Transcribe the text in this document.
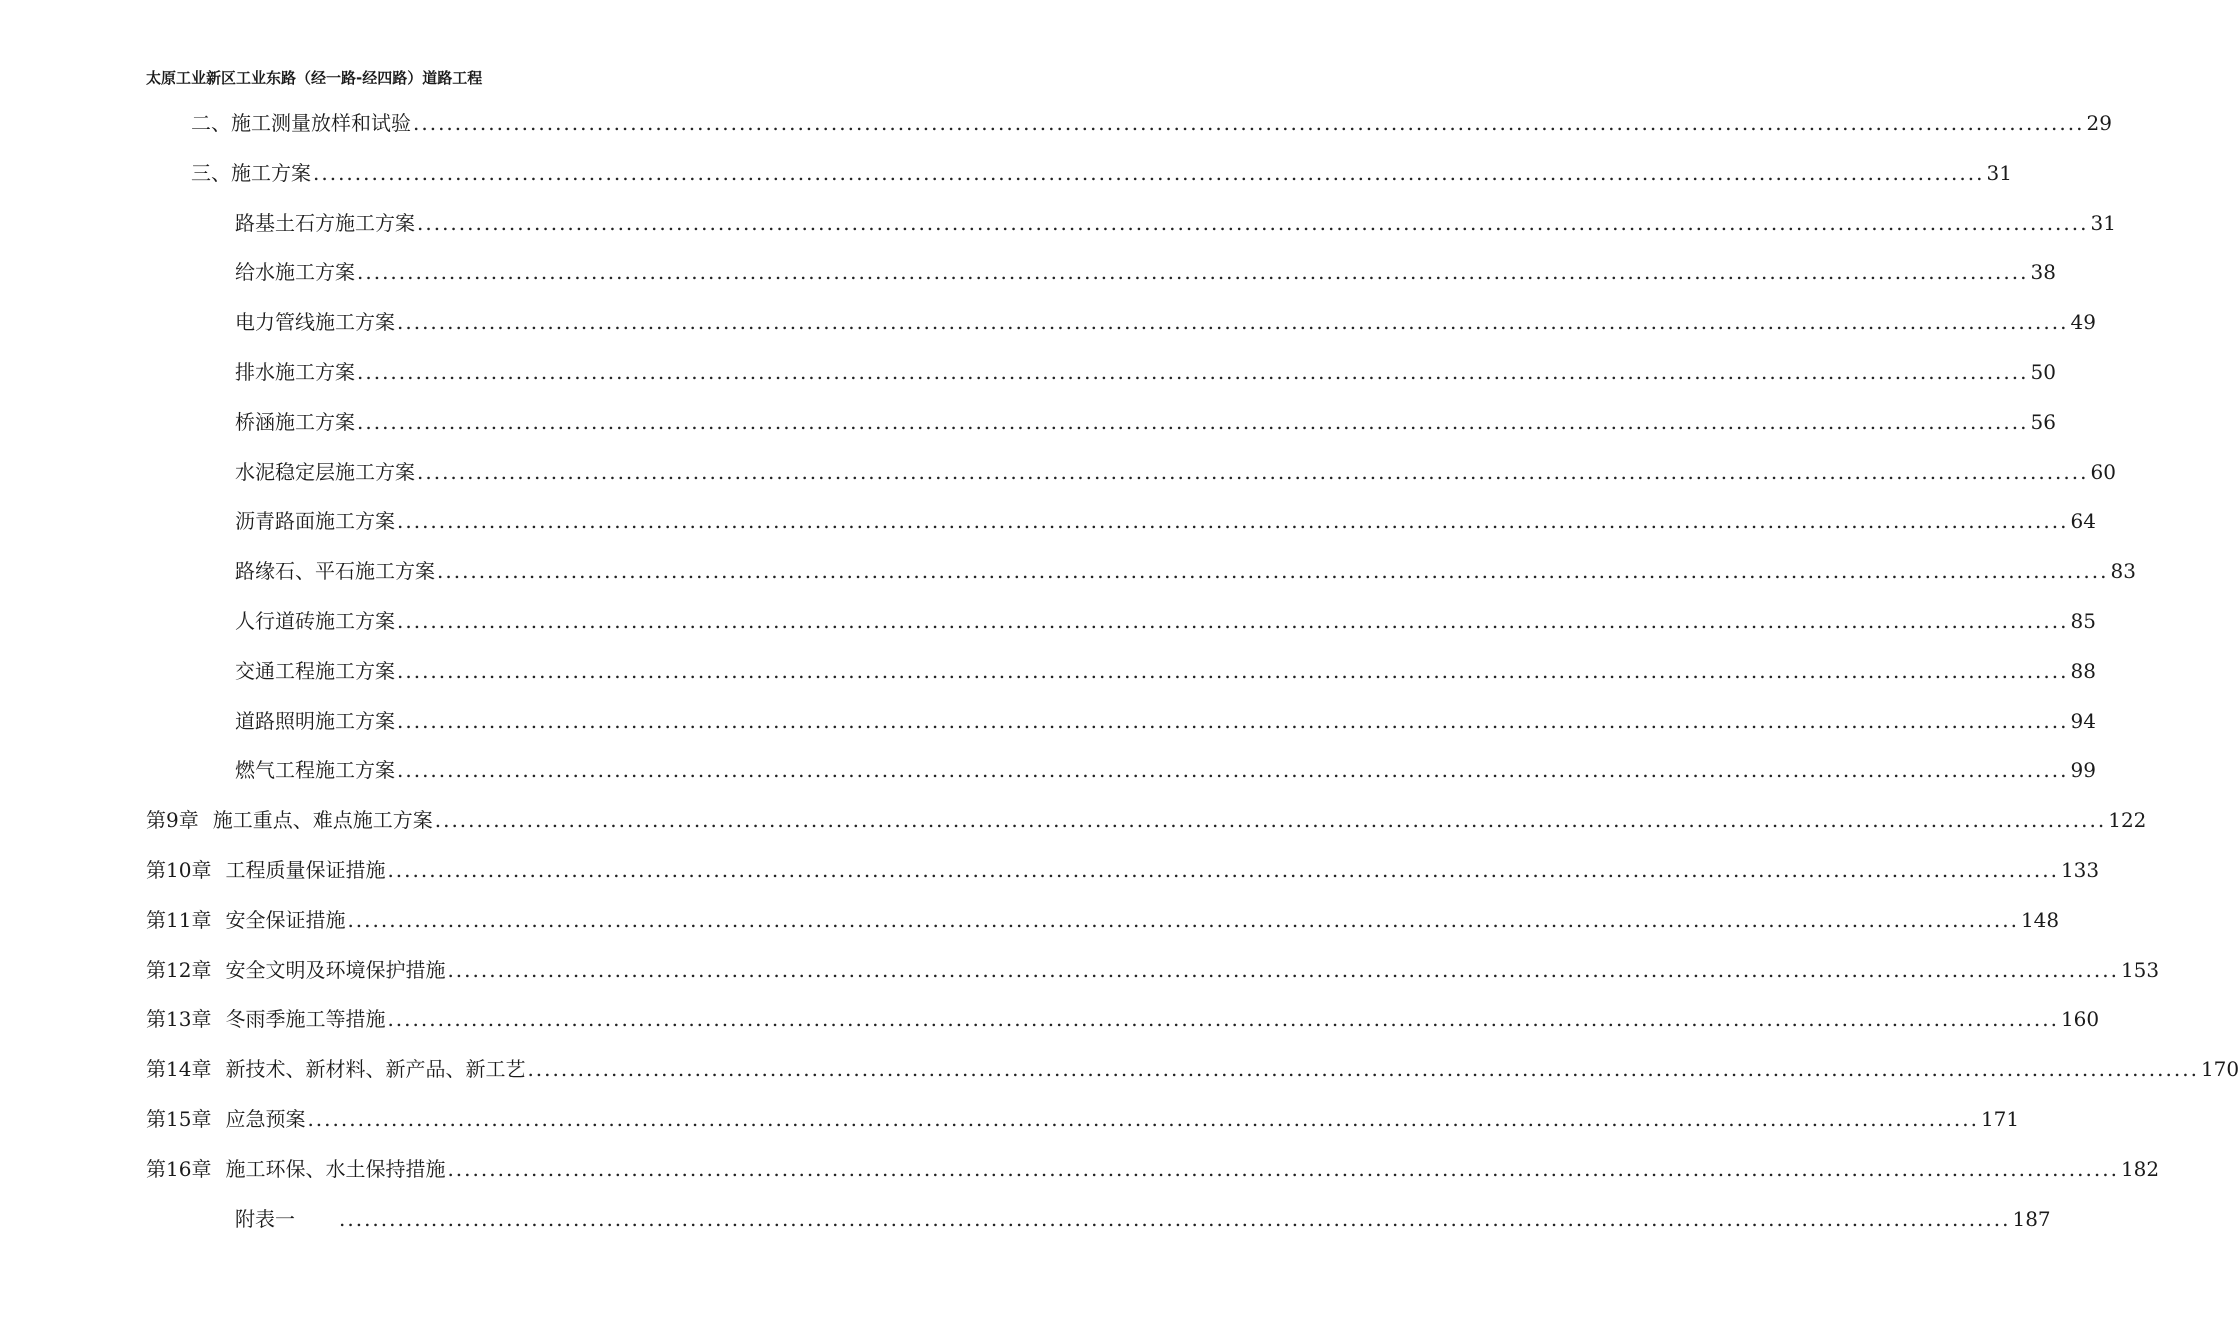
太原工业新区工业东路（经一路-经四路）道路工程
二、施工测量放样和试验 ........................................................................................................................................................................................................ 29
三、施工方案 ........................................................................................................................................................................................................ 31
路基土石方施工方案 ........................................................................................................................................................................................................ 31
给水施工方案 ........................................................................................................................................................................................................ 38
电力管线施工方案 ........................................................................................................................................................................................................ 49
排水施工方案 ........................................................................................................................................................................................................ 50
桥涵施工方案 ........................................................................................................................................................................................................ 56
水泥稳定层施工方案 ........................................................................................................................................................................................................ 60
沥青路面施工方案 ........................................................................................................................................................................................................ 64
路缘石、平石施工方案 ........................................................................................................................................................................................................ 83
人行道砖施工方案 ........................................................................................................................................................................................................ 85
交通工程施工方案 ........................................................................................................................................................................................................ 88
道路照明施工方案 ........................................................................................................................................................................................................ 94
燃气工程施工方案 ........................................................................................................................................................................................................ 99
第9章 施工重点、难点施工方案 ........................................................................................................................................................................................................ 122
第10章 工程质量保证措施 ........................................................................................................................................................................................................ 133
第11章 安全保证措施 ........................................................................................................................................................................................................ 148
第12章 安全文明及环境保护措施 ........................................................................................................................................................................................................ 153
第13章 冬雨季施工等措施 ........................................................................................................................................................................................................ 160
第14章 新技术、新材料、新产品、新工艺 ........................................................................................................................................................................................................ 170
第15章 应急预案 ........................................................................................................................................................................................................ 171
第16章 施工环保、水土保持措施 ........................................................................................................................................................................................................ 182
附表一 ........................................................................................................................................................................................................ 187
